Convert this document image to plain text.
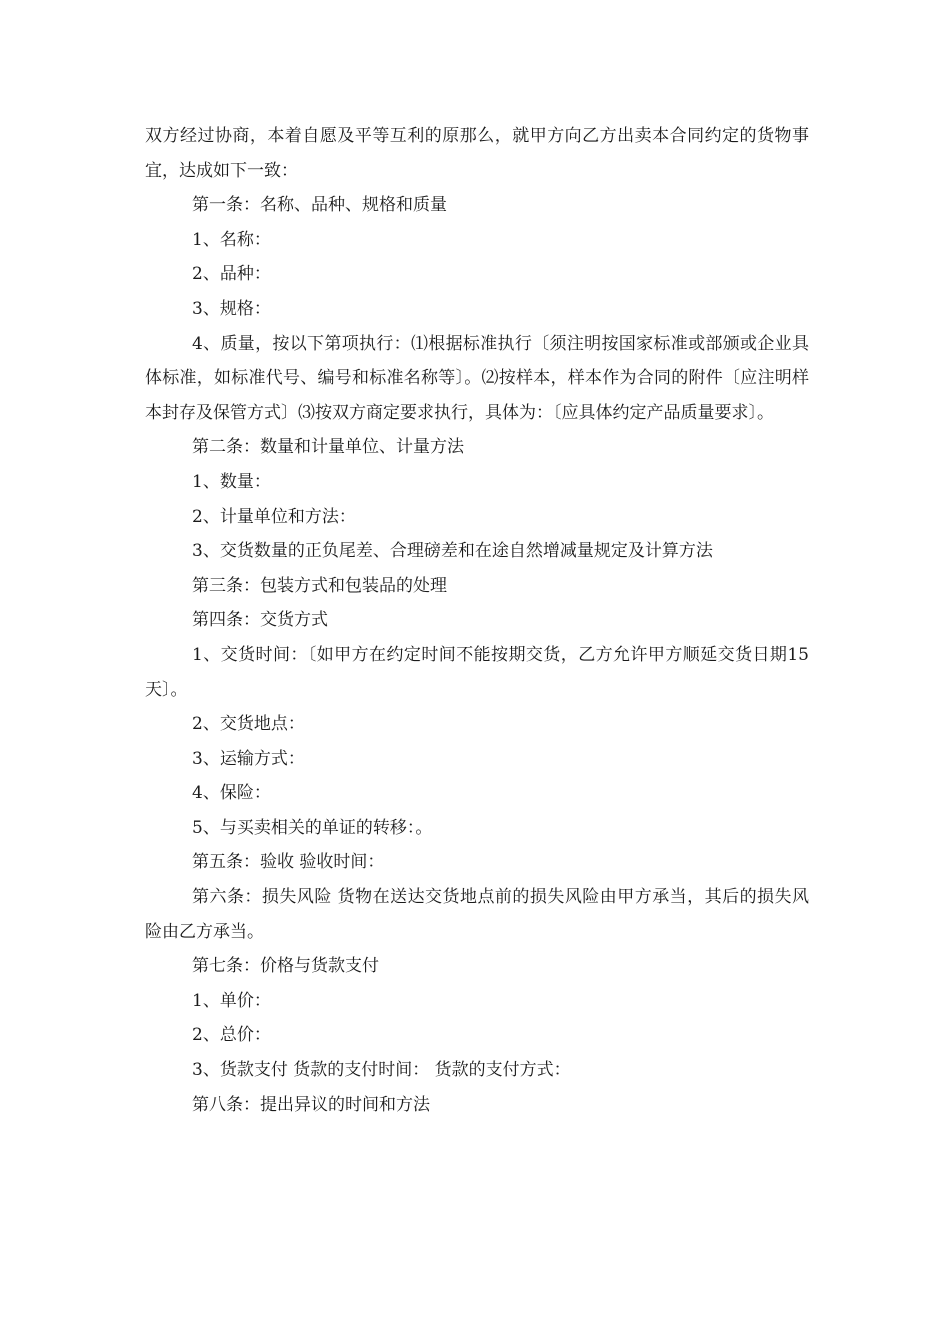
双方经过协商，本着自愿及平等互利的原那么，就甲方向乙方出卖本合同约定的货物事宜，达成如下一致：

第一条：名称、品种、规格和质量

1、名称：

2、品种：

3、规格：

4、质量，按以下第项执行：⑴根据标准执行〔须注明按国家标准或部颁或企业具体标准，如标准代号、编号和标准名称等〕。⑵按样本，样本作为合同的附件〔应注明样本封存及保管方式〕⑶按双方商定要求执行，具体为：〔应具体约定产品质量要求〕。

第二条：数量和计量单位、计量方法

1、数量：

2、计量单位和方法：

3、交货数量的正负尾差、合理磅差和在途自然增减量规定及计算方法

第三条：包装方式和包装品的处理

第四条：交货方式

1、交货时间：〔如甲方在约定时间不能按期交货，乙方允许甲方顺延交货日期15天〕。

2、交货地点：

3、运输方式：

4、保险：

5、与买卖相关的单证的转移：。

第五条：验收 验收时间：

第六条：损失风险 货物在送达交货地点前的损失风险由甲方承当，其后的损失风险由乙方承当。

第七条：价格与货款支付

1、单价：

2、总价：

3、货款支付 货款的支付时间： 货款的支付方式：

第八条：提出异议的时间和方法
